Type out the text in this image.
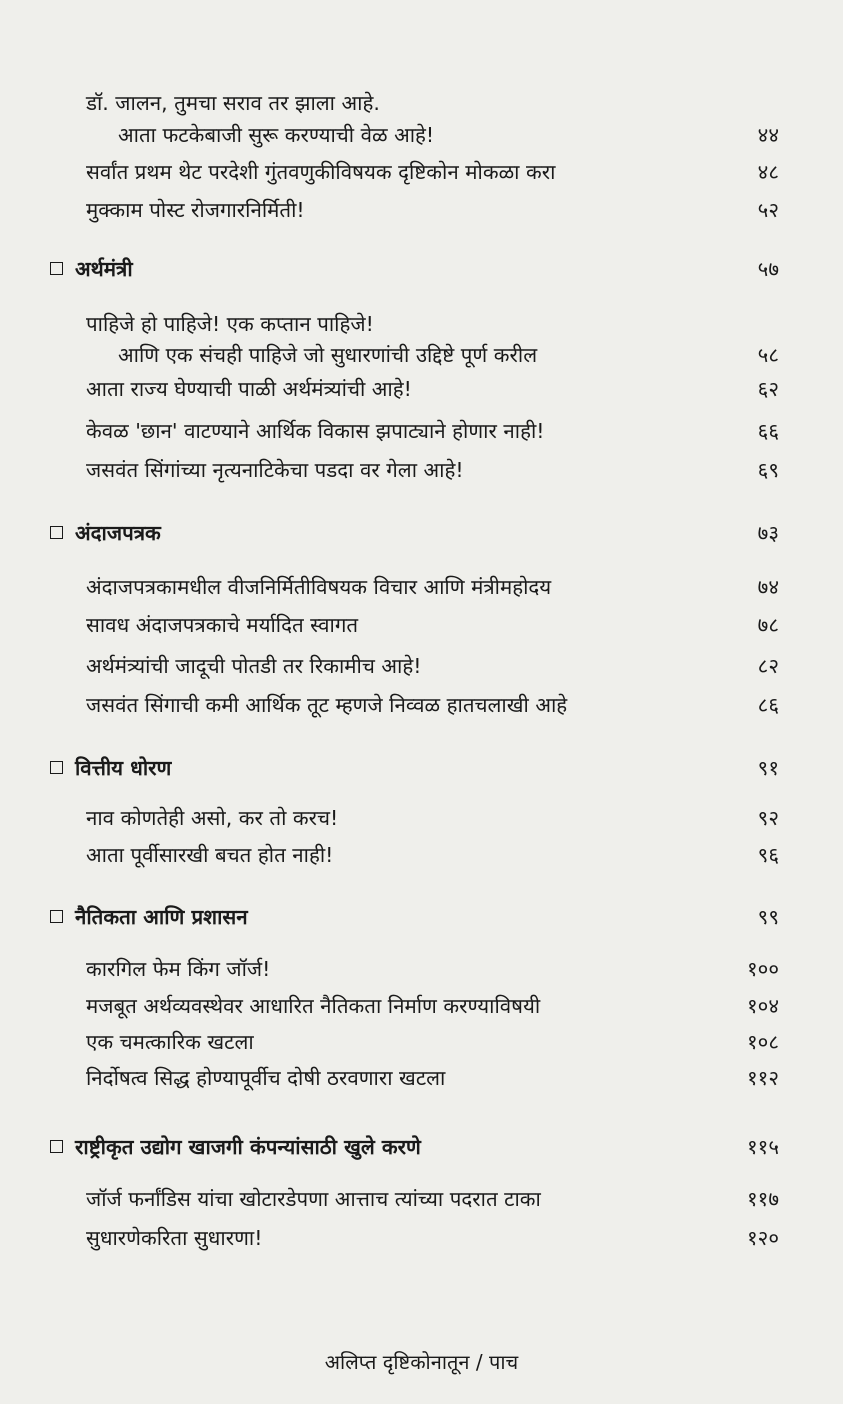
डॉ. जालन, तुमचा सराव तर झाला आहे.
आता फटकेबाजी सुरू करण्याची वेळ आहे!	४४
सर्वांत प्रथम थेट परदेशी गुंतवणुकीविषयक दृष्टिकोन मोकळा करा	४८
मुक्काम पोस्ट रोजगारनिर्मिती!	५२
अर्थमंत्री	५७
पाहिजे हो पाहिजे! एक कप्तान पाहिजे!
आणि एक संचही पाहिजे जो सुधारणांची उद्दिष्टे पूर्ण करील	५८
आता राज्य घेण्याची पाळी अर्थमंत्र्यांची आहे!	६२
केवळ 'छान' वाटण्याने आर्थिक विकास झपाट्याने होणार नाही!	६६
जसवंत सिंगांच्या नृत्यनाटिकेचा पडदा वर गेला आहे!	६९
अंदाजपत्रक	७३
अंदाजपत्रकामधील वीजनिर्मितीविषयक विचार आणि मंत्रीमहोदय	७४
सावध अंदाजपत्रकाचे मर्यादित स्वागत	७८
अर्थमंत्र्यांची जादूची पोतडी तर रिकामीच आहे!	८२
जसवंत सिंगाची कमी आर्थिक तूट म्हणजे निव्वळ हातचलाखी आहे	८६
वित्तीय धोरण	९१
नाव कोणतेही असो, कर तो करच!	९२
आता पूर्वीसारखी बचत होत नाही!	९६
नैतिकता आणि प्रशासन	९९
कारगिल फेम किंग जॉर्ज!	१००
मजबूत अर्थव्यवस्थेवर आधारित नैतिकता निर्माण करण्याविषयी	१०४
एक चमत्कारिक खटला	१०८
निर्दोषत्व सिद्ध होण्यापूर्वीच दोषी ठरवणारा खटला	११२
राष्ट्रीकृत उद्योग खाजगी कंपन्यांसाठी खुले करणे	११५
जॉर्ज फर्नांडिस यांचा खोटारडेपणा आत्ताच त्यांच्या पदरात टाका	११७
सुधारणेकरिता सुधारणा!	१२०
अलिप्त दृष्टिकोनातून / पाच
